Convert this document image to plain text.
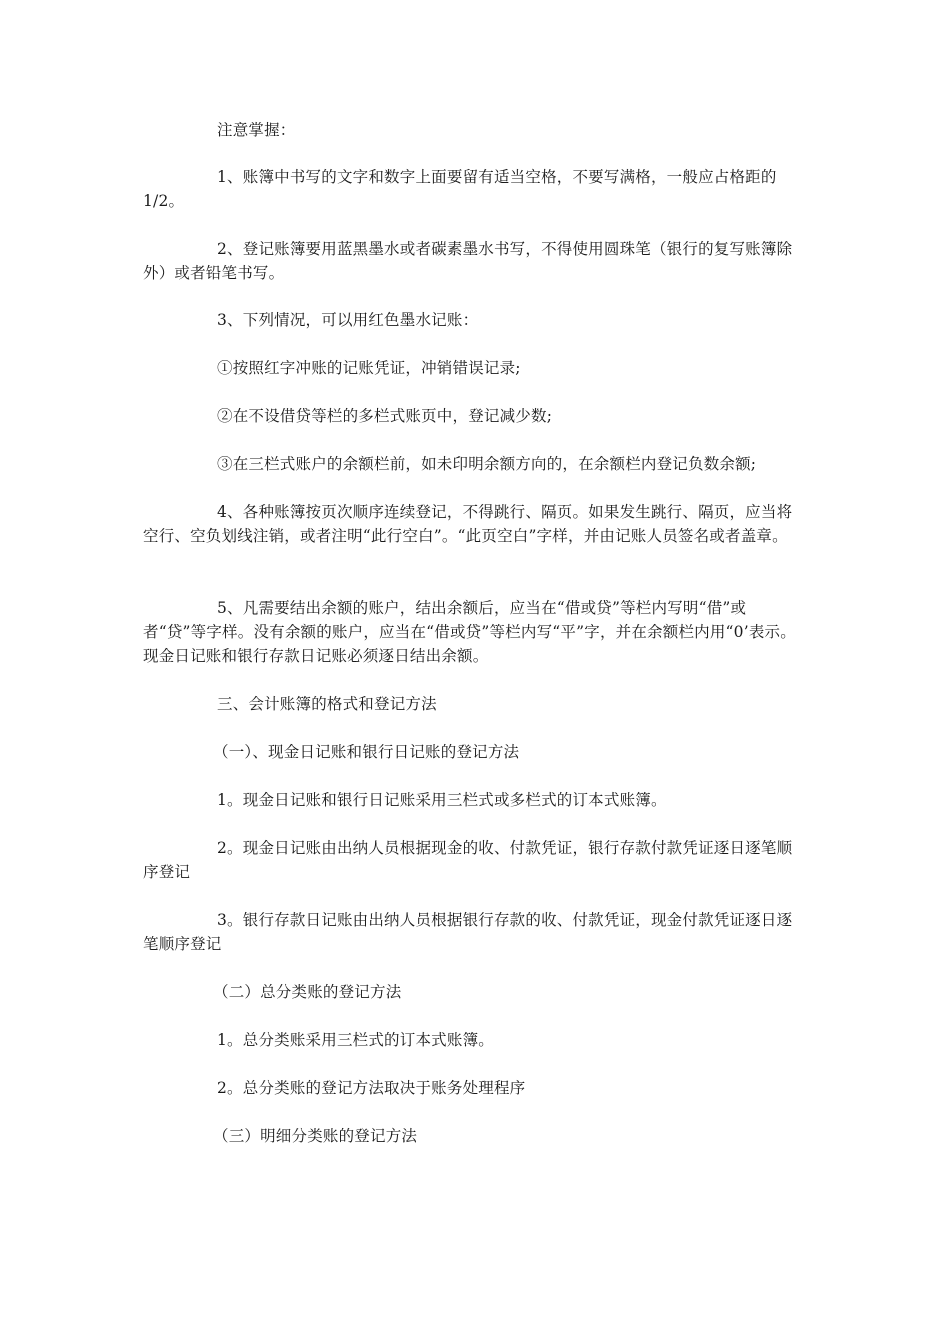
注意掌握：

1、账簿中书写的文字和数字上面要留有适当空格，不要写满格，一般应占格距的1/2。

2、登记账簿要用蓝黑墨水或者碳素墨水书写，不得使用圆珠笔（银行的复写账簿除外）或者铅笔书写。

3、下列情况，可以用红色墨水记账：

①按照红字冲账的记账凭证，冲销错误记录;

②在不设借贷等栏的多栏式账页中，登记减少数;

③在三栏式账户的余额栏前，如未印明余额方向的，在余额栏内登记负数余额;

4、各种账簿按页次顺序连续登记，不得跳行、隔页。如果发生跳行、隔页，应当将空行、空负划线注销，或者注明“此行空白”。“此页空白”字样，并由记账人员签名或者盖章。

5、凡需要结出余额的账户，结出余额后，应当在“借或贷”等栏内写明“借”或者“贷”等字样。没有余额的账户，应当在“借或贷”等栏内写“平”字，并在余额栏内用“0’表示。现金日记账和银行存款日记账必须逐日结出余额。

三、会计账簿的格式和登记方法

（一）、现金日记账和银行日记账的登记方法

1。现金日记账和银行日记账采用三栏式或多栏式的订本式账簿。

2。现金日记账由出纳人员根据现金的收、付款凭证，银行存款付款凭证逐日逐笔顺序登记

3。银行存款日记账由出纳人员根据银行存款的收、付款凭证，现金付款凭证逐日逐笔顺序登记

（二）总分类账的登记方法

1。总分类账采用三栏式的订本式账簿。

2。总分类账的登记方法取决于账务处理程序

（三）明细分类账的登记方法
